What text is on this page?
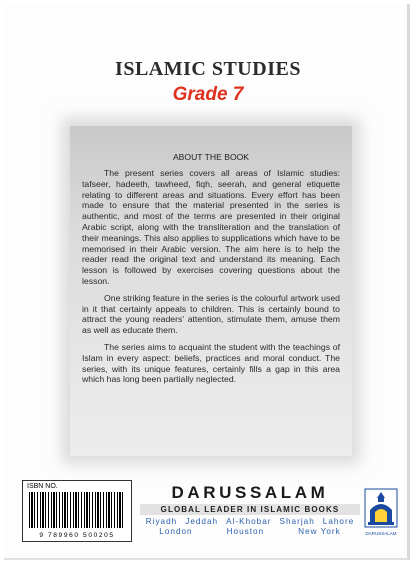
ISLAMIC STUDIES
Grade 7
ABOUT THE BOOK

The present series covers all areas of Islamic studies: tafseer, hadeeth, tawheed, fiqh, seerah, and general etiquette relating to different areas and situations. Every effort has been made to ensure that the material presented in the series is authentic, and most of the terms are presented in their original Arabic script, along with the transliteration and the translation of their meanings. This also applies to supplications which have to be memorised in their Arabic version. The aim here is to help the reader read the original text and understand its meaning. Each lesson is followed by exercises covering questions about the lesson.

One striking feature in the series is the colourful artwork used in it that certainly appeals to children. This is certainly bound to attract the young readers' attention, stimulate them, amuse them as well as educate them.

The series aims to acquaint the student with the teachings of Islam in every aspect: beliefs, practices and moral conduct. The series, with its unique features, certainly fills a gap in this area which has long been partially neglected.

ISBN NO.
9 789960 500205
DARUSSALAM
GLOBAL LEADER IN ISLAMIC BOOKS
Riyadh Jeddah Al-Khobar Sharjah Lahore
London	Houston	New York	DARUSSALAM
